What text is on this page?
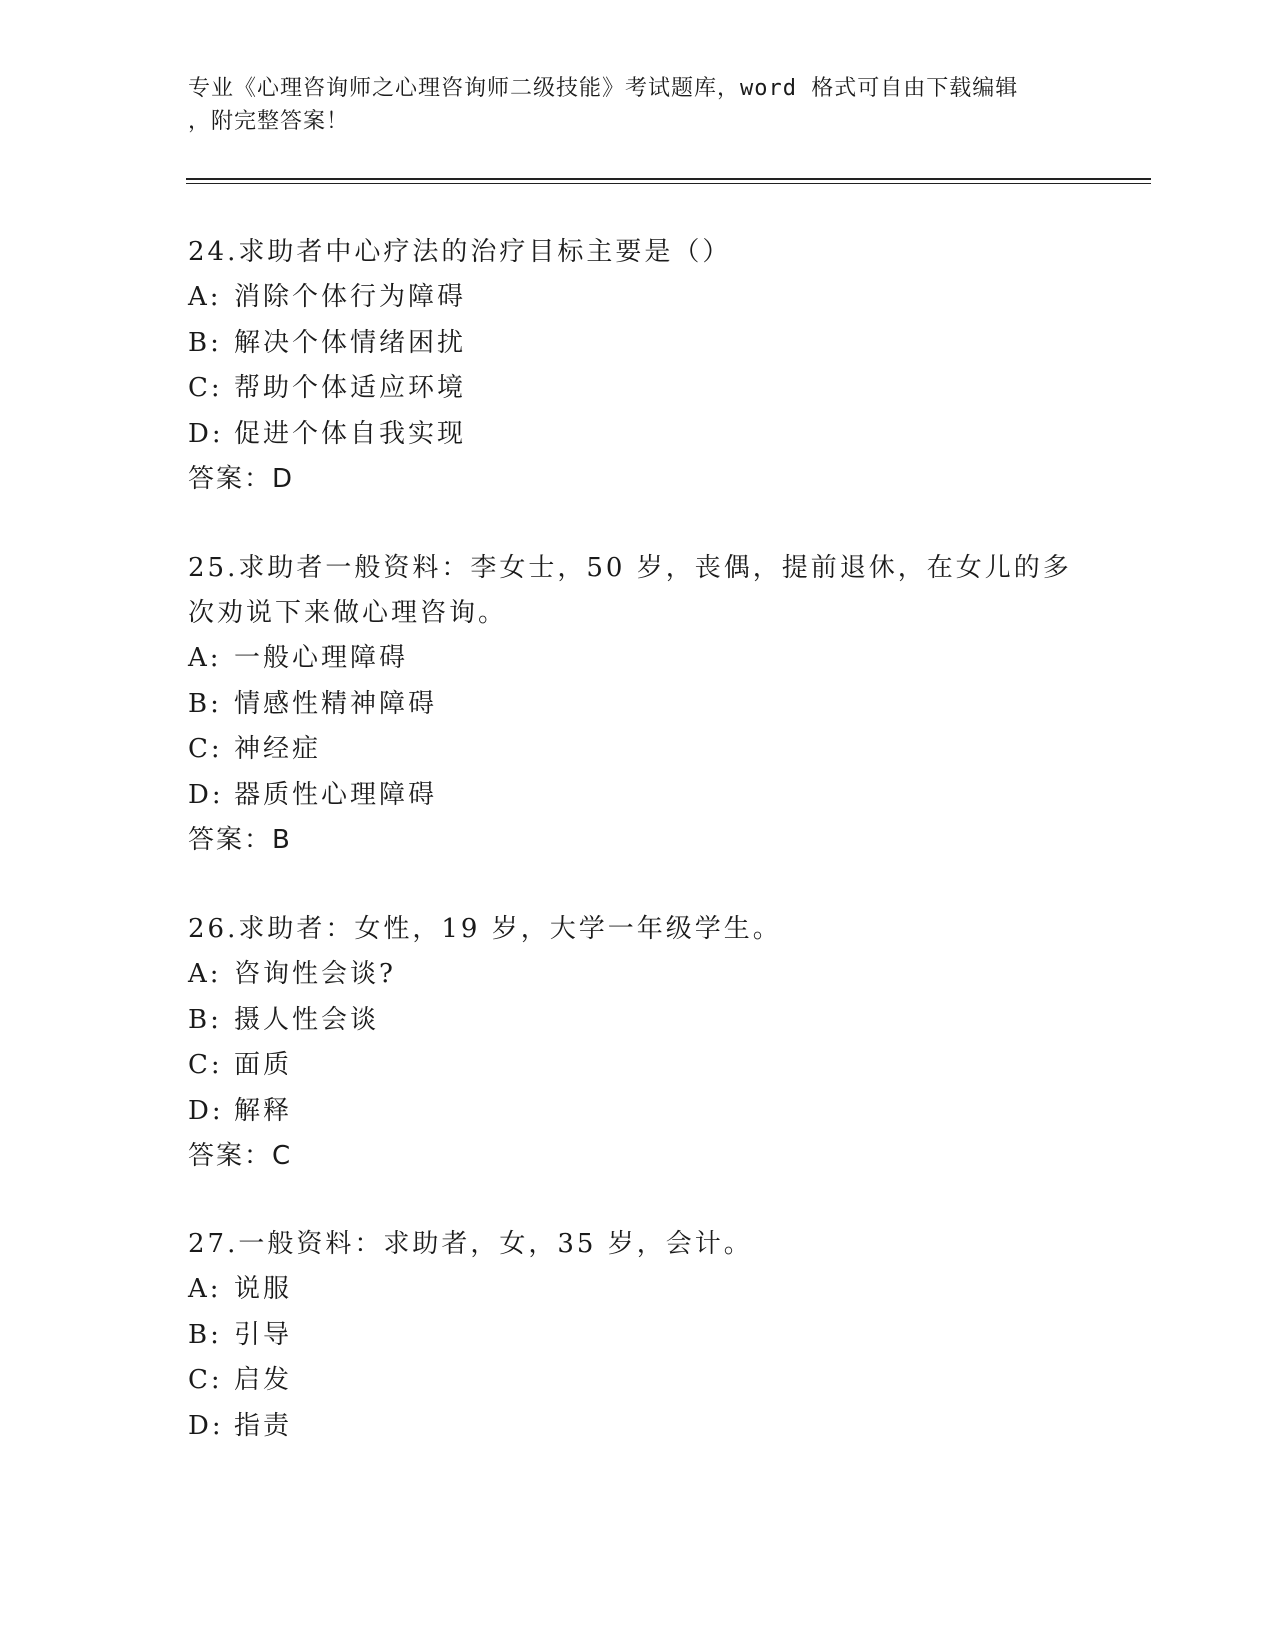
专业《心理咨询师之心理咨询师二级技能》考试题库，word 格式可自由下载编辑
，附完整答案！

24.求助者中心疗法的治疗目标主要是（）

A: 消除个体行为障碍

B: 解决个体情绪困扰

C: 帮助个体适应环境

D: 促进个体自我实现

答案：D

25.求助者一般资料：李女士，50 岁，丧偶，提前退休，在女儿的多次劝说下来做心理咨询。

A: 一般心理障碍

B: 情感性精神障碍

C: 神经症

D: 器质性心理障碍

答案：B

26.求助者：女性，19 岁，大学一年级学生。

A: 咨询性会谈?

B: 摄人性会谈

C: 面质

D: 解释

答案：C

27.一般资料：求助者，女，35 岁，会计。

A: 说服

B: 引导

C: 启发

D: 指责
